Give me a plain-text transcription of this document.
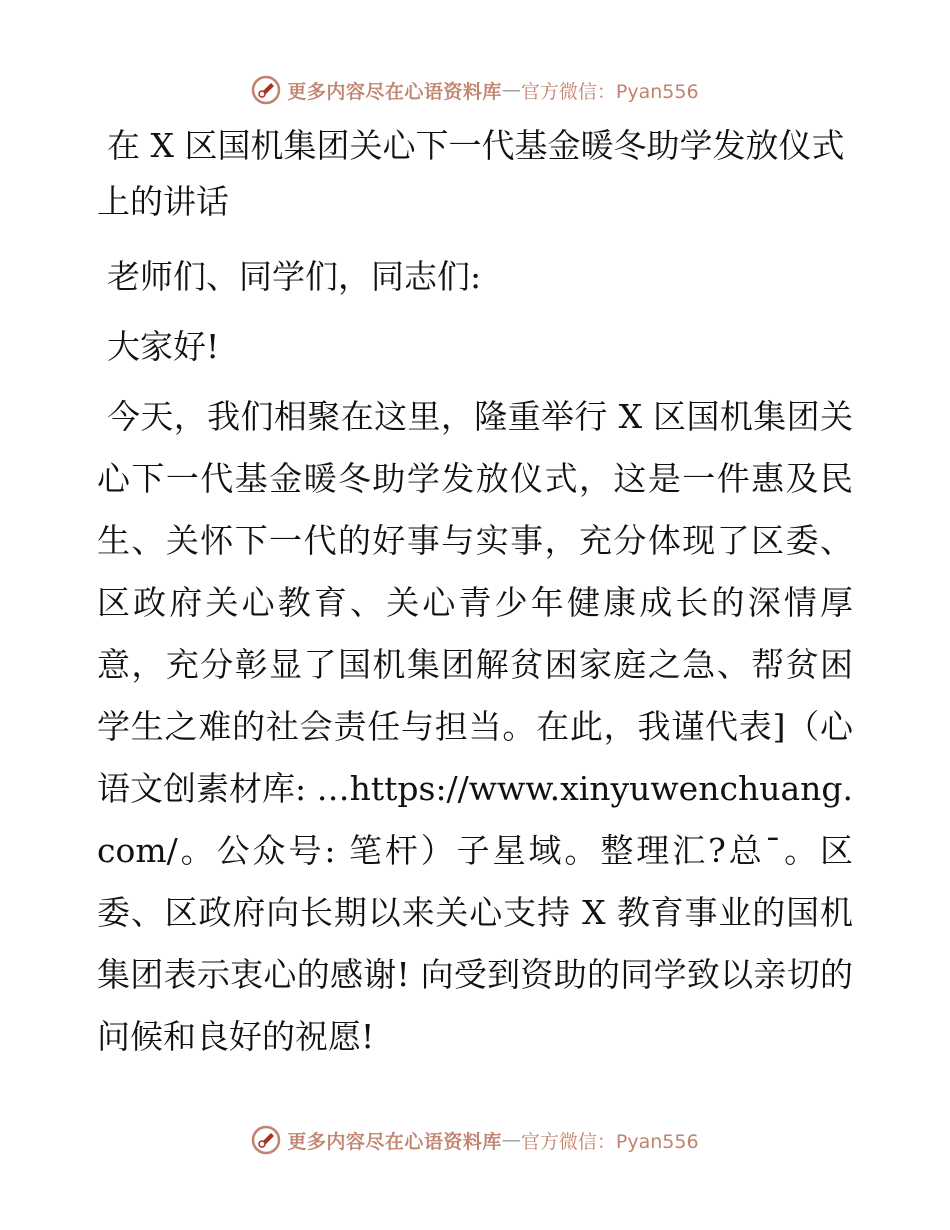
更多内容尽在心语资料库 — 官方微信：Pyan556
在 X 区国机集团关心下一代基金暖冬助学发放仪式上的讲话

老师们、同学们，同志们:

大家好!

今天，我们相聚在这里，隆重举行 X 区国机集团关心下一代基金暖冬助学发放仪式，这是一件惠及民生、关怀下一代的好事与实事，充分体现了区委、区政府关心教育、关心青少年健康成长的深情厚意，充分彰显了国机集团解贫困家庭之急、帮贫困学生之难的社会责任与担当。在此，我谨代表]（心语文创素材库: …https://www.xinyuwenchuang.com/。公众号: 笔杆）子星域。整理汇?总¯。区委、区政府向长期以来关心支持 X 教育事业的国机集团表示衷心的感谢! 向受到资助的同学致以亲切的问候和良好的祝愿!

更多内容尽在心语资料库 — 官方微信：Pyan556
